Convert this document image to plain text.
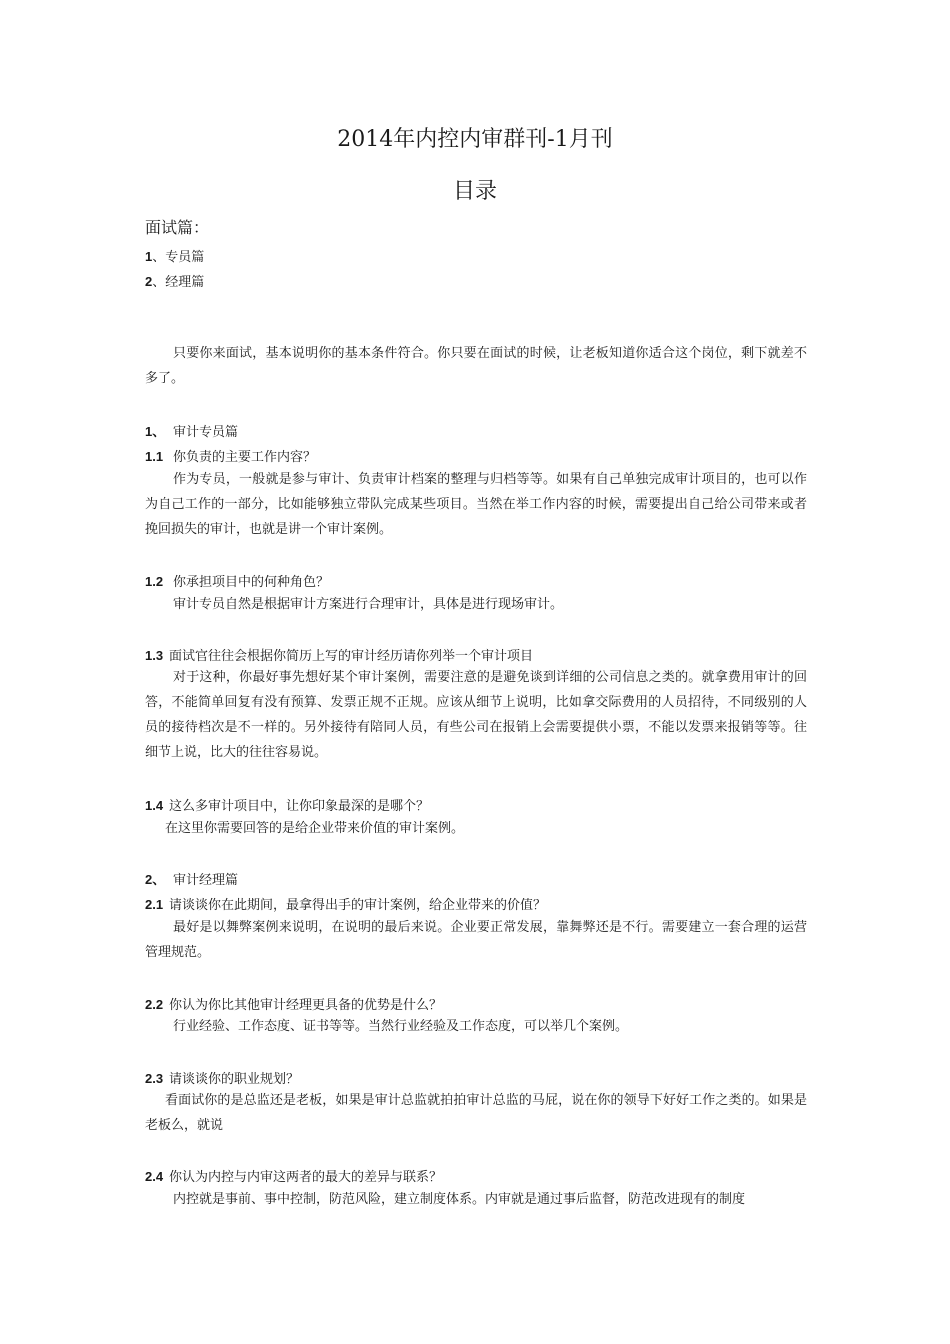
2014年内控内审群刊-1月刊
目录
面试篇：
1、专员篇
2、经理篇
只要你来面试，基本说明你的基本条件符合。你只要在面试的时候，让老板知道你适合这个岗位，剩下就差不多了。
1、 审计专员篇
1.1 你负责的主要工作内容？
作为专员，一般就是参与审计、负责审计档案的整理与归档等等。如果有自己单独完成审计项目的，也可以作为自己工作的一部分，比如能够独立带队完成某些项目。当然在举工作内容的时候，需要提出自己给公司带来或者挽回损失的审计，也就是讲一个审计案例。
1.2 你承担项目中的何种角色？
审计专员自然是根据审计方案进行合理审计，具体是进行现场审计。
1.3 面试官往往会根据你简历上写的审计经历请你列举一个审计项目
对于这种，你最好事先想好某个审计案例，需要注意的是避免谈到详细的公司信息之类的。就拿费用审计的回答，不能简单回复有没有预算、发票正规不正规。应该从细节上说明，比如拿交际费用的人员招待，不同级别的人员的接待档次是不一样的。另外接待有陪同人员，有些公司在报销上会需要提供小票，不能以发票来报销等等。往细节上说，比大的往往容易说。
1.4 这么多审计项目中，让你印象最深的是哪个？
在这里你需要回答的是给企业带来价值的审计案例。
2、 审计经理篇
2.1 请谈谈你在此期间，最拿得出手的审计案例，给企业带来的价值？
最好是以舞弊案例来说明，在说明的最后来说。企业要正常发展，靠舞弊还是不行。需要建立一套合理的运营管理规范。
2.2 你认为你比其他审计经理更具备的优势是什么？
行业经验、工作态度、证书等等。当然行业经验及工作态度，可以举几个案例。
2.3 请谈谈你的职业规划？
看面试你的是总监还是老板，如果是审计总监就拍拍审计总监的马屁，说在你的领导下好好工作之类的。如果是老板么，就说
2.4 你认为内控与内审这两者的最大的差异与联系？
内控就是事前、事中控制，防范风险，建立制度体系。内审就是通过事后监督，防范改进现有的制度
